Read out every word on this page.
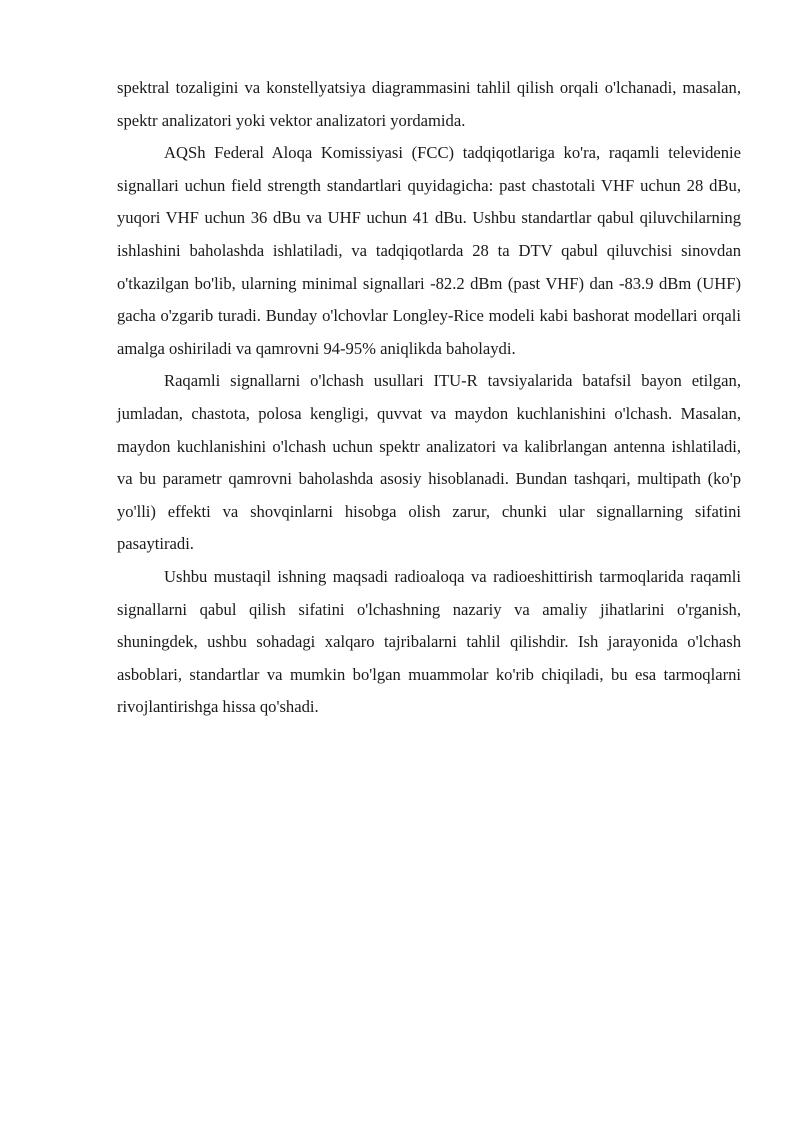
spektral tozaligini va konstellyatsiya diagrammasini tahlil qilish orqali o'lchanadi, masalan, spektr analizatori yoki vektor analizatori yordamida.

AQSh Federal Aloqa Komissiyasi (FCC) tadqiqotlariga ko'ra, raqamli televidenie signallari uchun field strength standartlari quyidagicha: past chastotali VHF uchun 28 dBu, yuqori VHF uchun 36 dBu va UHF uchun 41 dBu. Ushbu standartlar qabul qiluvchilarning ishlashini baholashda ishlatiladi, va tadqiqotlarda 28 ta DTV qabul qiluvchisi sinovdan o'tkazilgan bo'lib, ularning minimal signallari -82.2 dBm (past VHF) dan -83.9 dBm (UHF) gacha o'zgarib turadi. Bunday o'lchovlar Longley-Rice modeli kabi bashorat modellari orqali amalga oshiriladi va qamrovni 94-95% aniqlikda baholaydi.

Raqamli signallarni o'lchash usullari ITU-R tavsiyalarida batafsil bayon etilgan, jumladan, chastota, polosa kengligi, quvvat va maydon kuchlanishini o'lchash. Masalan, maydon kuchlanishini o'lchash uchun spektr analizatori va kalibrlangan antenna ishlatiladi, va bu parametr qamrovni baholashda asosiy hisoblanadi. Bundan tashqari, multipath (ko'p yo'lli) effekti va shovqinlarni hisobga olish zarur, chunki ular signallarning sifatini pasaytiradi.

Ushbu mustaqil ishning maqsadi radioaloqa va radioeshittirish tarmoqlarida raqamli signallarni qabul qilish sifatini o'lchashning nazariy va amaliy jihatlarini o'rganish, shuningdek, ushbu sohadagi xalqaro tajribalarni tahlil qilishdir. Ish jarayonida o'lchash asboblari, standartlar va mumkin bo'lgan muammolar ko'rib chiqiladi, bu esa tarmoqlarni rivojlantirishga hissa qo'shadi.
